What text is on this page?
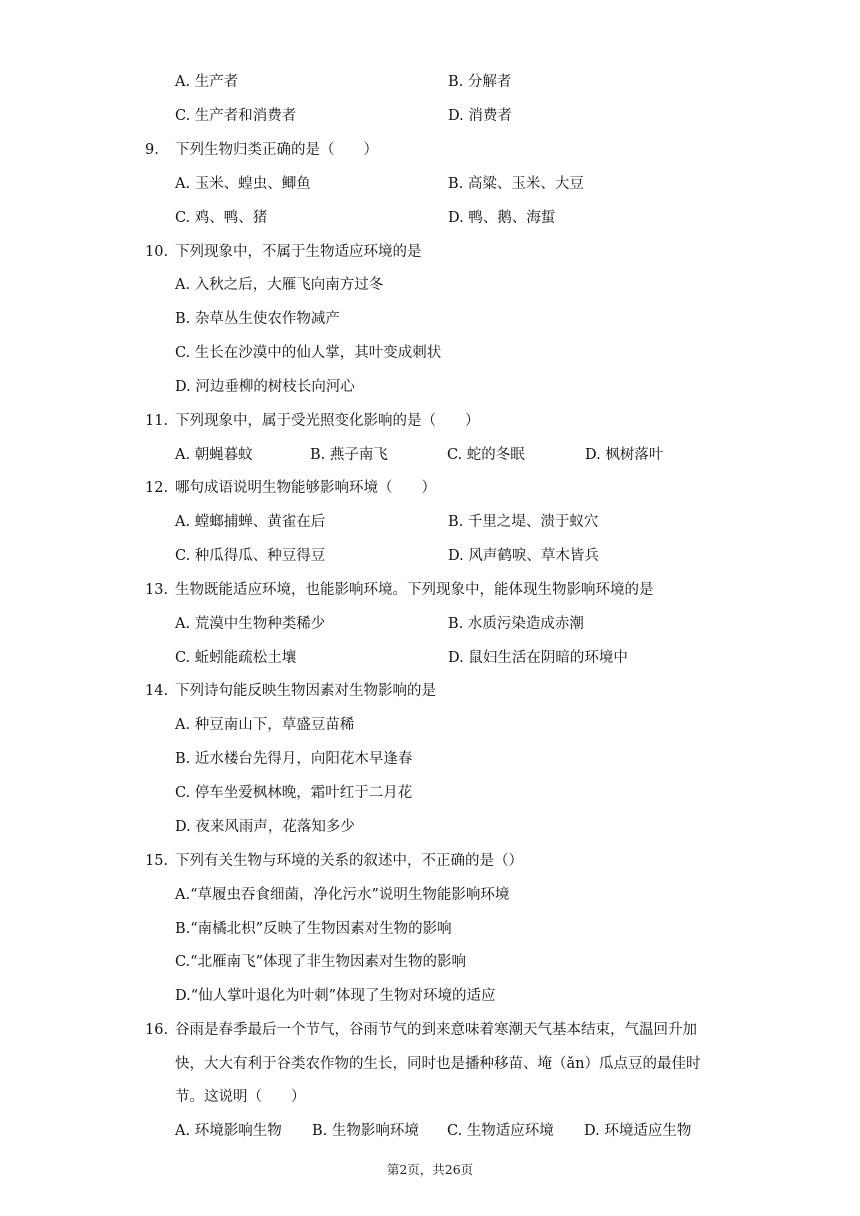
A. 生产者	B. 分解者
C. 生产者和消费者	D. 消费者
9. 下列生物归类正确的是（　　）
A. 玉米、蝗虫、鲫鱼	B. 高粱、玉米、大豆
C. 鸡、鸭、猪	D. 鸭、鹅、海蜇
10. 下列现象中，不属于生物适应环境的是
A. 入秋之后，大雁飞向南方过冬
B. 杂草丛生使农作物减产
C. 生长在沙漠中的仙人掌，其叶变成刺状
D. 河边垂柳的树枝长向河心
11. 下列现象中，属于受光照变化影响的是（　　）
A. 朝蝇暮蚊	B. 燕子南飞	C. 蛇的冬眠	D. 枫树落叶
12. 哪句成语说明生物能够影响环境（　　）
A. 螳螂捕蝉、黄雀在后	B. 千里之堤、溃于蚁穴
C. 种瓜得瓜、种豆得豆	D. 风声鹤唳、草木皆兵
13. 生物既能适应环境，也能影响环境。下列现象中，能体现生物影响环境的是
A. 荒漠中生物种类稀少	B. 水质污染造成赤潮
C. 蚯蚓能疏松土壤	D. 鼠妇生活在阴暗的环境中
14. 下列诗句能反映生物因素对生物影响的是
A. 种豆南山下，草盛豆苗稀
B. 近水楼台先得月，向阳花木早逢春
C. 停车坐爱枫林晚，霜叶红于二月花
D. 夜来风雨声，花落知多少
15. 下列有关生物与环境的关系的叙述中，不正确的是（）
A.“草履虫吞食细菌，净化污水”说明生物能影响环境
B.“南橘北枳”反映了生物因素对生物的影响
C.“北雁南飞”体现了非生物因素对生物的影响
D.“仙人掌叶退化为叶刺”体现了生物对环境的适应
16. 谷雨是春季最后一个节气，谷雨节气的到来意味着寒潮天气基本结束，气温回升加
快，大大有利于谷类农作物的生长，同时也是播种移苗、埯（ǎn）瓜点豆的最佳时
节。这说明（　　）
A. 环境影响生物 B. 生物影响环境 C. 生物适应环境 D. 环境适应生物
第2页，共26页
